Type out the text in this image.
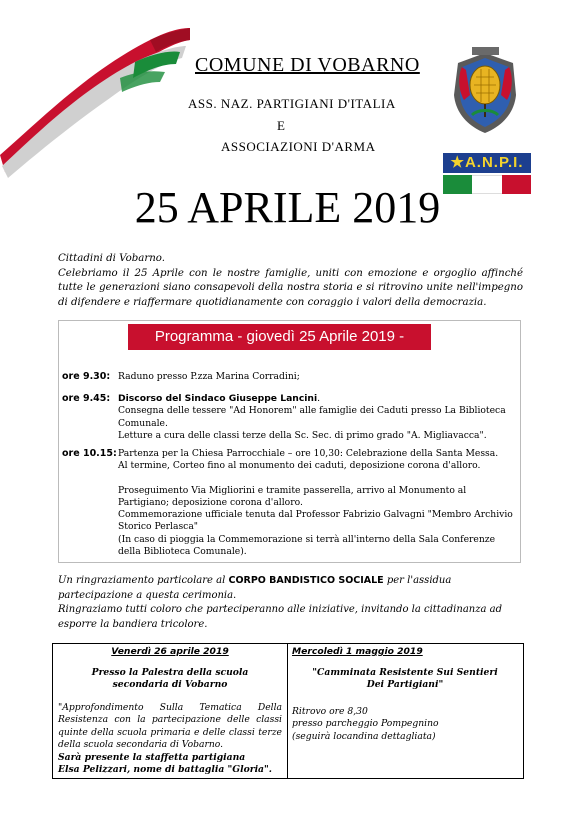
COMUNE DI VOBARNO
ASS. NAZ. PARTIGIANI D'ITALIA
E
ASSOCIAZIONI D'ARMA
★A.N.P.I.
25 APRILE 2019

Cittadini di Vobarno.

Celebriamo il 25 Aprile con le nostre famiglie, uniti con emozione e orgoglio affinché tutte le generazioni siano consapevoli della nostra storia e si ritrovino unite nell'impegno di difendere e riaffermare quotidianamente con coraggio i valori della democrazia.

Programma - giovedì 25 Aprile 2019 -
ore 9.30: Raduno presso P.zza Marina Corradini;

ore 9.45: Discorso del Sindaco Giuseppe Lancini.

Consegna delle tessere "Ad Honorem" alle famiglie dei Caduti presso La Biblioteca Comunale.

Letture a cura delle classi terze della Sc. Sec. di primo grado "A. Migliavacca".

ore 10.15: Partenza per la Chiesa Parrocchiale – ore 10,30: Celebrazione della Santa Messa.

Al termine, Corteo fino al monumento dei caduti, deposizione corona d'alloro.

Proseguimento Via Migliorini e tramite passerella, arrivo al Monumento al Partigiano; deposizione corona d'alloro.

Commemorazione ufficiale tenuta dal Professor Fabrizio Galvagni "Membro Archivio Storico Perlasca"

(In caso di pioggia la Commemorazione si terrà all'interno della Sala Conferenze della Biblioteca Comunale).

Un ringraziamento particolare al CORPO BANDISTICO SOCIALE per l'assidua partecipazione a questa cerimonia.

Ringraziamo tutti coloro che parteciperanno alle iniziative, invitando la cittadinanza ad esporre la bandiera tricolore.

Venerdì 26 aprile 2019

Presso la Palestra della scuola secondaria di Vobarno

"Approfondimento Sulla Tematica Della Resistenza con la partecipazione delle classi quinte della scuola primaria e delle classi terze della scuola secondaria di Vobarno.

Sarà presente la staffetta partigiana

Elsa Pelizzari, nome di battaglia "Gloria".

Mercoledì 1 maggio 2019

"Camminata Resistente Sui Sentieri Dei Partigiani"

Ritrovo ore 8,30

presso parcheggio Pompegnino

(seguirà locandina dettagliata)
